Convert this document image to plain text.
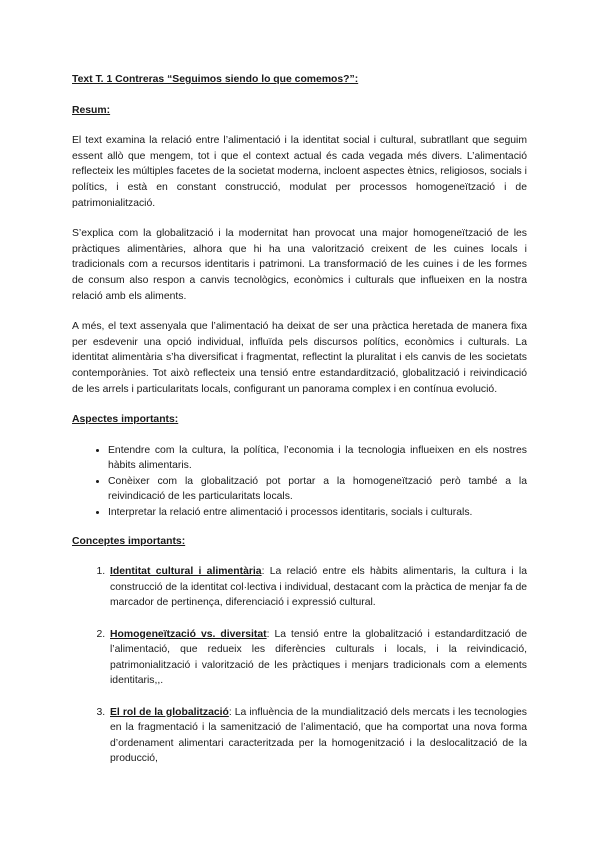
Text T. 1 Contreras “Seguimos siendo lo que comemos?”:

Resum:

El text examina la relació entre l’alimentació i la identitat social i cultural, subratllant que seguim essent allò que mengem, tot i que el context actual és cada vegada més divers. L’alimentació reflecteix les múltiples facetes de la societat moderna, incloent aspectes ètnics, religiosos, socials i polítics, i està en constant construcció, modulat per processos homogeneïtzació i de patrimonialització.

S’explica com la globalització i la modernitat han provocat una major homogeneïtzació de les pràctiques alimentàries, alhora que hi ha una valorització creixent de les cuines locals i tradicionals com a recursos identitaris i patrimoni. La transformació de les cuines i de les formes de consum also respon a canvis tecnològics, econòmics i culturals que influeixen en la nostra relació amb els aliments.

A més, el text assenyala que l’alimentació ha deixat de ser una pràctica heretada de manera fixa per esdevenir una opció individual, influïda pels discursos polítics, econòmics i culturals. La identitat alimentària s’ha diversificat i fragmentat, reflectint la pluralitat i els canvis de les societats contemporànies. Tot això reflecteix una tensió entre estandardització, globalització i reivindicació de les arrels i particularitats locals, configurant un panorama complex i en contínua evolució.

Aspectes importants:

• Entendre com la cultura, la política, l’economia i la tecnologia influeixen en els nostres hàbits alimentaris.
• Conèixer com la globalització pot portar a la homogeneïtzació però també a la reivindicació de les particularitats locals.
• Interpretar la relació entre alimentació i processos identitaris, socials i culturals.

Conceptes importants:

1. Identitat cultural i alimentària: La relació entre els hàbits alimentaris, la cultura i la construcció de la identitat col·lectiva i individual, destacant com la pràctica de menjar fa de marcador de pertinença, diferenciació i expressió cultural.
2. Homogeneïtzació vs. diversitat: La tensió entre la globalització i estandardització de l’alimentació, que redueix les diferències culturals i locals, i la reivindicació, patrimonialització i valorització de les pràctiques i menjars tradicionals com a elements identitaris,,.
3. El rol de la globalització: La influència de la mundialització dels mercats i les tecnologies en la fragmentació i la samenització de l’alimentació, que ha comportat una nova forma d’ordenament alimentari caracteritzada per la homogenització i la deslocalització de la producció,
